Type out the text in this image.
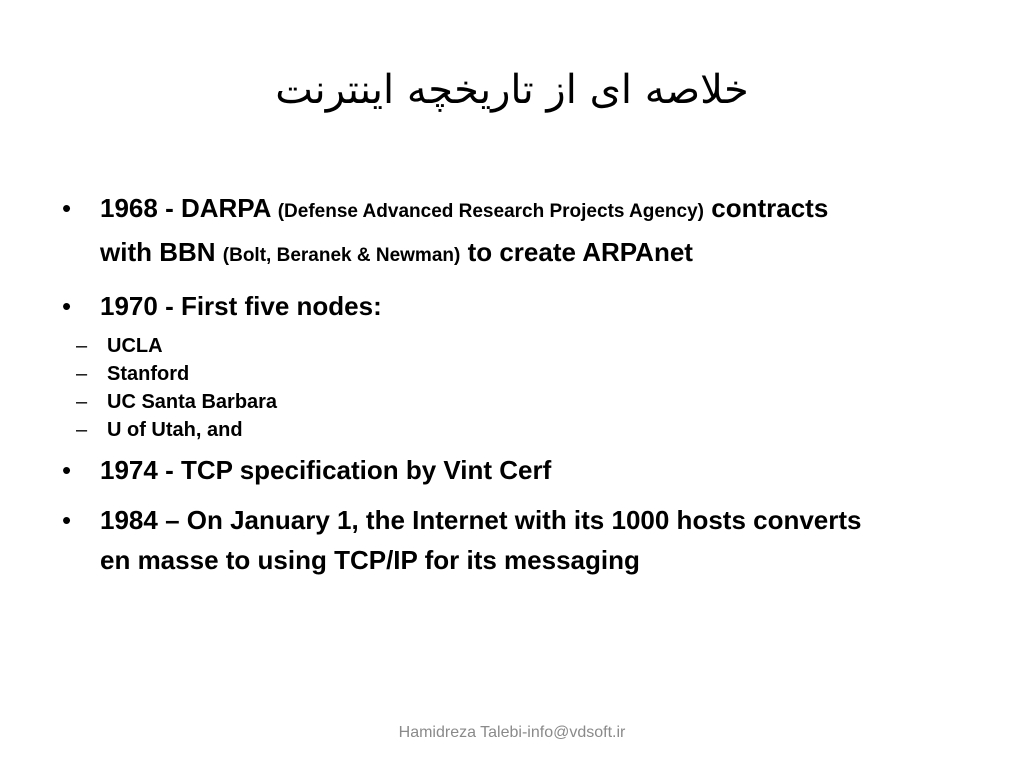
خلاصه ای از تاریخچه اینترنت
• 1968 - DARPA (Defense Advanced Research Projects Agency) contracts with BBN (Bolt, Beranek & Newman) to create ARPAnet
• 1970 - First five nodes:
– UCLA
– Stanford
– UC Santa Barbara
– U of Utah, and
• 1974 - TCP specification by Vint Cerf
• 1984 – On January 1, the Internet with its 1000 hosts converts en masse to using TCP/IP for its messaging
Hamidreza Talebi-info@vdsoft.ir
